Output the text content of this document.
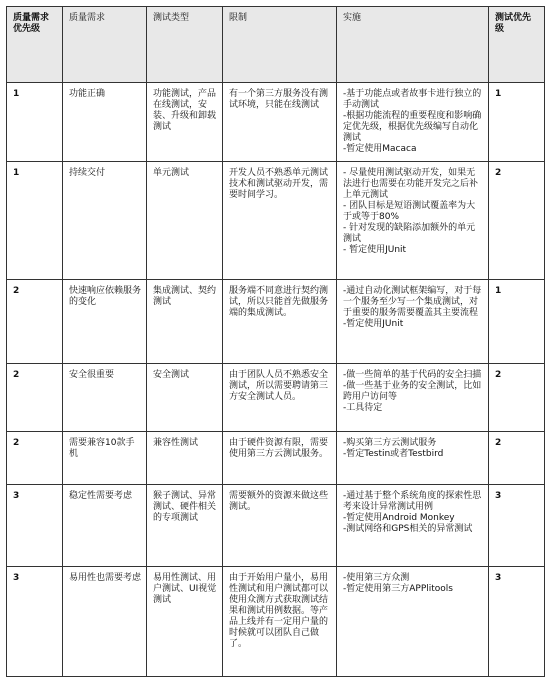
质量需求优先级	质量需求	测试类型	限制	实施	测试优先级
1	功能正确	功能测试，产品在线测试，安装、升级和卸载测试	有一个第三方服务没有测试环境，只能在线测试	-基于功能点或者故事卡进行独立的手动测试
-根据功能流程的重要程度和影响确定优先级，根据优先级编写自动化测试
-暂定使用Macaca	1
1	持续交付	单元测试	开发人员不熟悉单元测试技术和测试驱动开发，需要时间学习。	- 尽量使用测试驱动开发，如果无法进行也需要在功能开发完之后补上单元测试
- 团队目标是短语测试覆盖率为大于或等于80%
- 针对发现的缺陷添加额外的单元测试
- 暂定使用JUnit	2
2	快速响应依赖服务的变化	集成测试、契约测试	服务端不同意进行契约测试，所以只能首先做服务端的集成测试。	-通过自动化测试框架编写，对于每一个服务至少写一个集成测试，对于重要的服务需要覆盖其主要流程
-暂定使用JUnit	1
2	安全很重要	安全测试	由于团队人员不熟悉安全测试，所以需要聘请第三方安全测试人员。	-做一些简单的基于代码的安全扫描
-做一些基于业务的安全测试，比如跨用户访问等
-工具待定	2
2	需要兼容10款手机	兼容性测试	由于硬件资源有限，需要使用第三方云测试服务。	-购买第三方云测试服务
-暂定Testin或者Testbird	2
3	稳定性需要考虑	猴子测试、异常测试、硬件相关的专项测试	需要额外的资源来做这些测试。	-通过基于整个系统角度的探索性思考来设计异常测试用例
-暂定使用Android Monkey
-测试网络和GPS相关的异常测试	3
3	易用性也需要考虑	易用性测试、用户测试、UI视觉测试	由于开始用户量小，易用性测试和用户测试都可以使用众测方式获取测试结果和测试用例数据。等产品上线并有一定用户量的时候就可以团队自己做了。	-使用第三方众测
-暂定使用第三方APPlitools	3
